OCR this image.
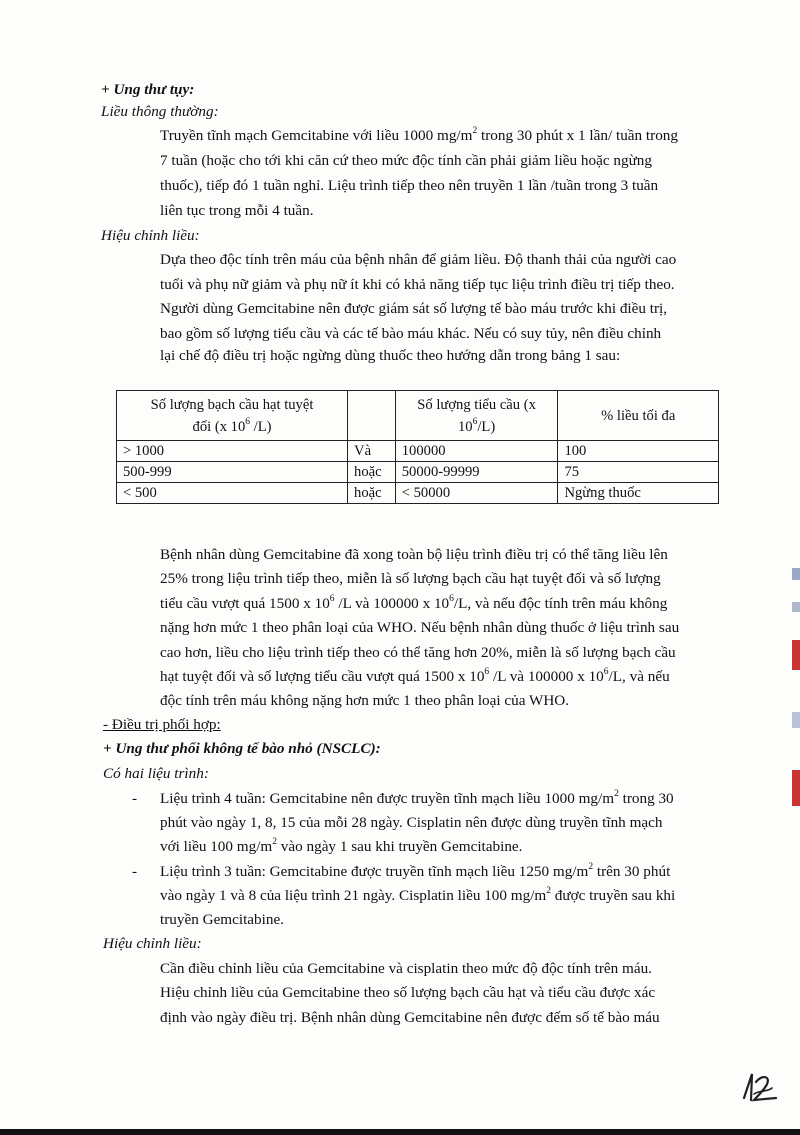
+ Ung thư tụy:
Liều thông thường:
Truyền tĩnh mạch Gemcitabine với liều 1000 $mg/m^2$ trong 30 phút x 1 lần/ tuần trong
7 tuần (hoặc cho tới khi căn cứ theo mức độc tính cần phải giảm liều hoặc ngừng
thuốc), tiếp đó 1 tuần nghỉ. Liệu trình tiếp theo nên truyền 1 lần /tuần trong 3 tuần
liên tục trong mỗi 4 tuần.
Hiệu chỉnh liều:
Dựa theo độc tính trên máu của bệnh nhân để giảm liều. Độ thanh thải của người cao
tuổi và phụ nữ giảm và phụ nữ ít khi có khả năng tiếp tục liệu trình điều trị tiếp theo.
Người dùng Gemcitabine nên được giám sát số lượng tế bào máu trước khi điều trị,
bao gồm số lượng tiểu cầu và các tế bào máu khác. Nếu có suy tủy, nên điều chỉnh
lại chế độ điều trị hoặc ngừng dùng thuốc theo hướng dẫn trong bảng 1 sau:
Số lượng bạch cầu hạt tuyệt
đối (x $10^6$ /L)		Số lượng tiểu cầu (x
$10^6/L$)	% liều tối đa
> 1000	Và	100000	100
500-999	hoặc	50000-99999	75
< 500	hoặc	< 50000	Ngừng thuốc
Bệnh nhân dùng Gemcitabine đã xong toàn bộ liệu trình điều trị có thể tăng liều lên
25% trong liệu trình tiếp theo, miễn là số lượng bạch cầu hạt tuyệt đối và số lượng
tiểu cầu vượt quá 1500 x $10^6$ /L và 100000 x $10^6/L$, và nếu độc tính trên máu không
nặng hơn mức 1 theo phân loại của WHO. Nếu bệnh nhân dùng thuốc ở liệu trình sau
cao hơn, liều cho liệu trình tiếp theo có thể tăng hơn 20%, miễn là số lượng bạch cầu
hạt tuyệt đối và số lượng tiểu cầu vượt quá 1500 x $10^6$ /L và 100000 x $10^6/L$, và nếu
độc tính trên máu không nặng hơn mức 1 theo phân loại của WHO.
- Điều trị phối hợp:
+ Ung thư phổi không tế bào nhỏ (NSCLC):
Có hai liệu trình:
- Liệu trình 4 tuần: Gemcitabine nên được truyền tĩnh mạch liều 1000 $mg/m^2$ trong 30
phút vào ngày 1, 8, 15 của mỗi 28 ngày. Cisplatin nên được dùng truyền tĩnh mạch
với liều 100 $mg/m^2$ vào ngày 1 sau khi truyền Gemcitabine.
- Liệu trình 3 tuần: Gemcitabine được truyền tĩnh mạch liều 1250 $mg/m^2$ trên 30 phút
vào ngày 1 và 8 của liệu trình 21 ngày. Cisplatin liều 100 $mg/m^2$ được truyền sau khi
truyền Gemcitabine.
Hiệu chỉnh liều:
Cần điều chỉnh liều của Gemcitabine và cisplatin theo mức độ độc tính trên máu.
Hiệu chỉnh liều của Gemcitabine theo số lượng bạch cầu hạt và tiểu cầu được xác
định vào ngày điều trị. Bệnh nhân dùng Gemcitabine nên được đếm số tế bào máu
